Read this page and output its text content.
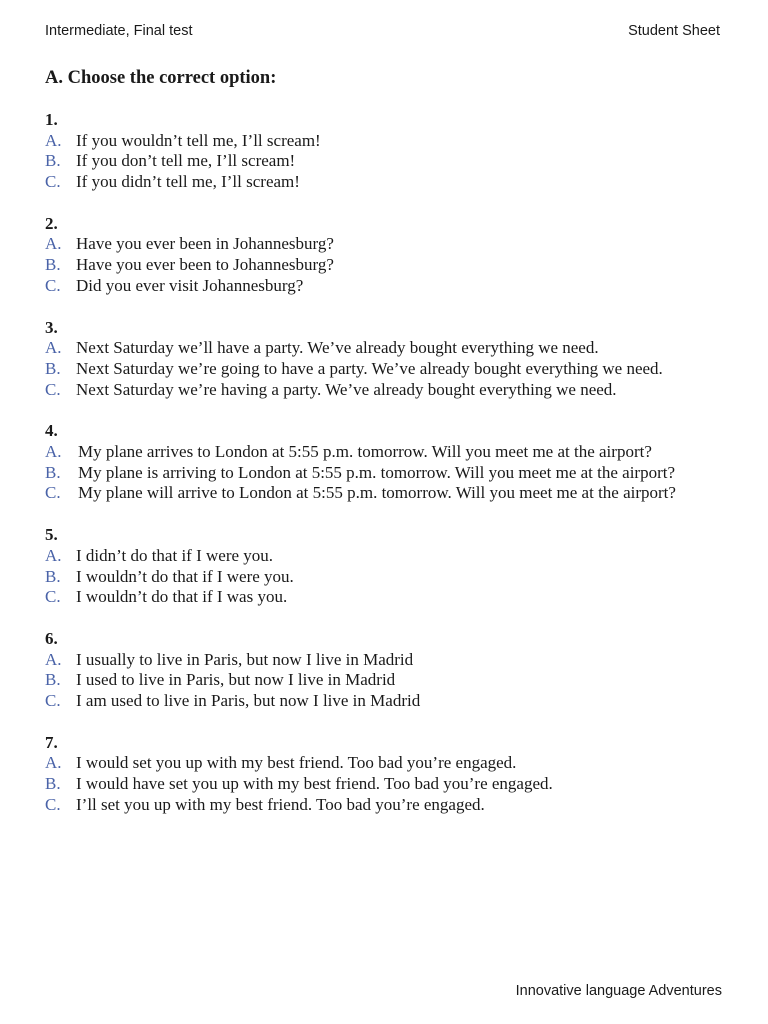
Intermediate, Final test	Student Sheet
A. Choose the correct option:
1.
A. If you wouldn’t tell me, I’ll scream!
B. If you don’t tell me, I’ll scream!
C. If you didn’t tell me, I’ll scream!
2.
A. Have you ever been in Johannesburg?
B. Have you ever been to Johannesburg?
C. Did you ever visit Johannesburg?
3.
A. Next Saturday we’ll have a party. We’ve already bought everything we need.
B. Next Saturday we’re going to have a party. We’ve already bought everything we need.
C. Next Saturday we’re having a party. We’ve already bought everything we need.
4.
A. My plane arrives to London at 5:55 p.m. tomorrow. Will you meet me at the airport?
B.	My plane is arriving to London at 5:55 p.m. tomorrow. Will you meet me at the airport?
C.	My plane will arrive to London at 5:55 p.m. tomorrow. Will you meet me at the airport?
5.
A. I didn’t do that if I were you.
B. I wouldn’t do that if I were you.
C. I wouldn’t do that if I was you.
6.
A. I usually to live in Paris, but now I live in Madrid
B. I used to live in Paris, but now I live in Madrid
C. I am used to live in Paris, but now I live in Madrid
7.
A. I would set you up with my best friend. Too bad you’re engaged.
B. I would have set you up with my best friend. Too bad you’re engaged.
C. I’ll set you up with my best friend. Too bad you’re engaged.
Innovative language Adventures
